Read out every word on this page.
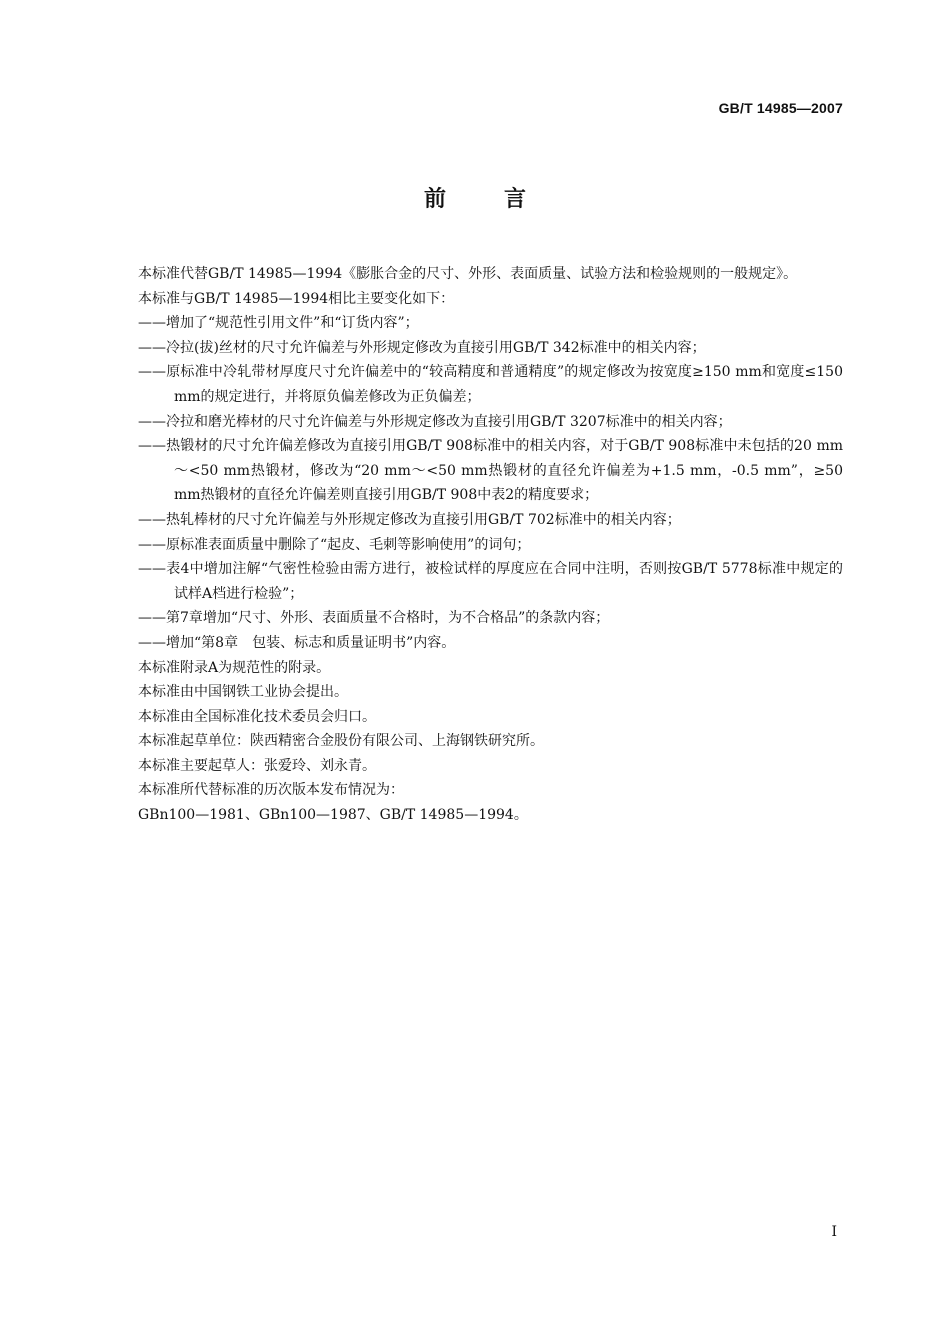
GB/T 14985—2007
前言

本标准代替GB/T 14985—1994《膨胀合金的尺寸、外形、表面质量、试验方法和检验规则的一般规定》。

本标准与GB/T 14985—1994相比主要变化如下：

——增加了“规范性引用文件”和“订货内容”；

——冷拉(拔)丝材的尺寸允许偏差与外形规定修改为直接引用GB/T 342标准中的相关内容；

——原标准中冷轧带材厚度尺寸允许偏差中的“较高精度和普通精度”的规定修改为按宽度≥150 mm和宽度≤150 mm的规定进行，并将原负偏差修改为正负偏差；

——冷拉和磨光棒材的尺寸允许偏差与外形规定修改为直接引用GB/T 3207标准中的相关内容；

——热锻材的尺寸允许偏差修改为直接引用GB/T 908标准中的相关内容，对于GB/T 908标准中未包括的20 mm～<50 mm热锻材，修改为“20 mm～<50 mm热锻材的直径允许偏差为+1.5 mm，-0.5 mm”，≥50 mm热锻材的直径允许偏差则直接引用GB/T 908中表2的精度要求；

——热轧棒材的尺寸允许偏差与外形规定修改为直接引用GB/T 702标准中的相关内容；

——原标准表面质量中删除了“起皮、毛刺等影响使用”的词句；

——表4中增加注解“气密性检验由需方进行，被检试样的厚度应在合同中注明，否则按GB/T 5778标准中规定的试样A档进行检验”；

——第7章增加“尺寸、外形、表面质量不合格时，为不合格品”的条款内容；

——增加“第8章　包装、标志和质量证明书”内容。

本标准附录A为规范性的附录。

本标准由中国钢铁工业协会提出。

本标准由全国标准化技术委员会归口。

本标准起草单位：陕西精密合金股份有限公司、上海钢铁研究所。

本标准主要起草人：张爱玲、刘永青。

本标准所代替标准的历次版本发布情况为：

GBn100—1981、GBn100—1987、GB/T 14985—1994。

I
